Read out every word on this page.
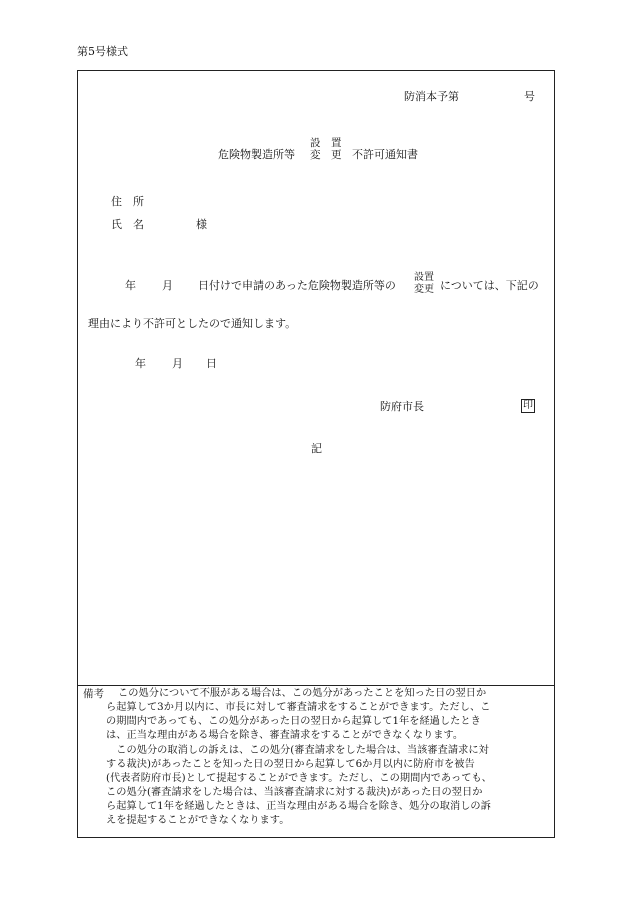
第5号様式
防消本予第	号
危険物製造所等
設　置
変　更 不許可通知書
住　所
氏　名	様
年 月 日付けで申請のあった危険物製造所等の
設置
変更 については、下記の
理由により不許可としたので通知します。
年 月 日
防府市長	印
記
備考 この処分について不服がある場合は、この処分があったことを知った日の翌日か
ら起算して3か月以内に、市長に対して審査請求をすることができます。ただし、こ
の期間内であっても、この処分があった日の翌日から起算して1年を経過したとき
は、正当な理由がある場合を除き、審査請求をすることができなくなります。
　この処分の取消しの訴えは、この処分(審査請求をした場合は、当該審査請求に対
する裁決)があったことを知った日の翌日から起算して6か月以内に防府市を被告
(代表者防府市長)として提起することができます。ただし、この期間内であっても、
この処分(審査請求をした場合は、当該審査請求に対する裁決)があった日の翌日か
ら起算して1年を経過したときは、正当な理由がある場合を除き、処分の取消しの訴
えを提起することができなくなります。
